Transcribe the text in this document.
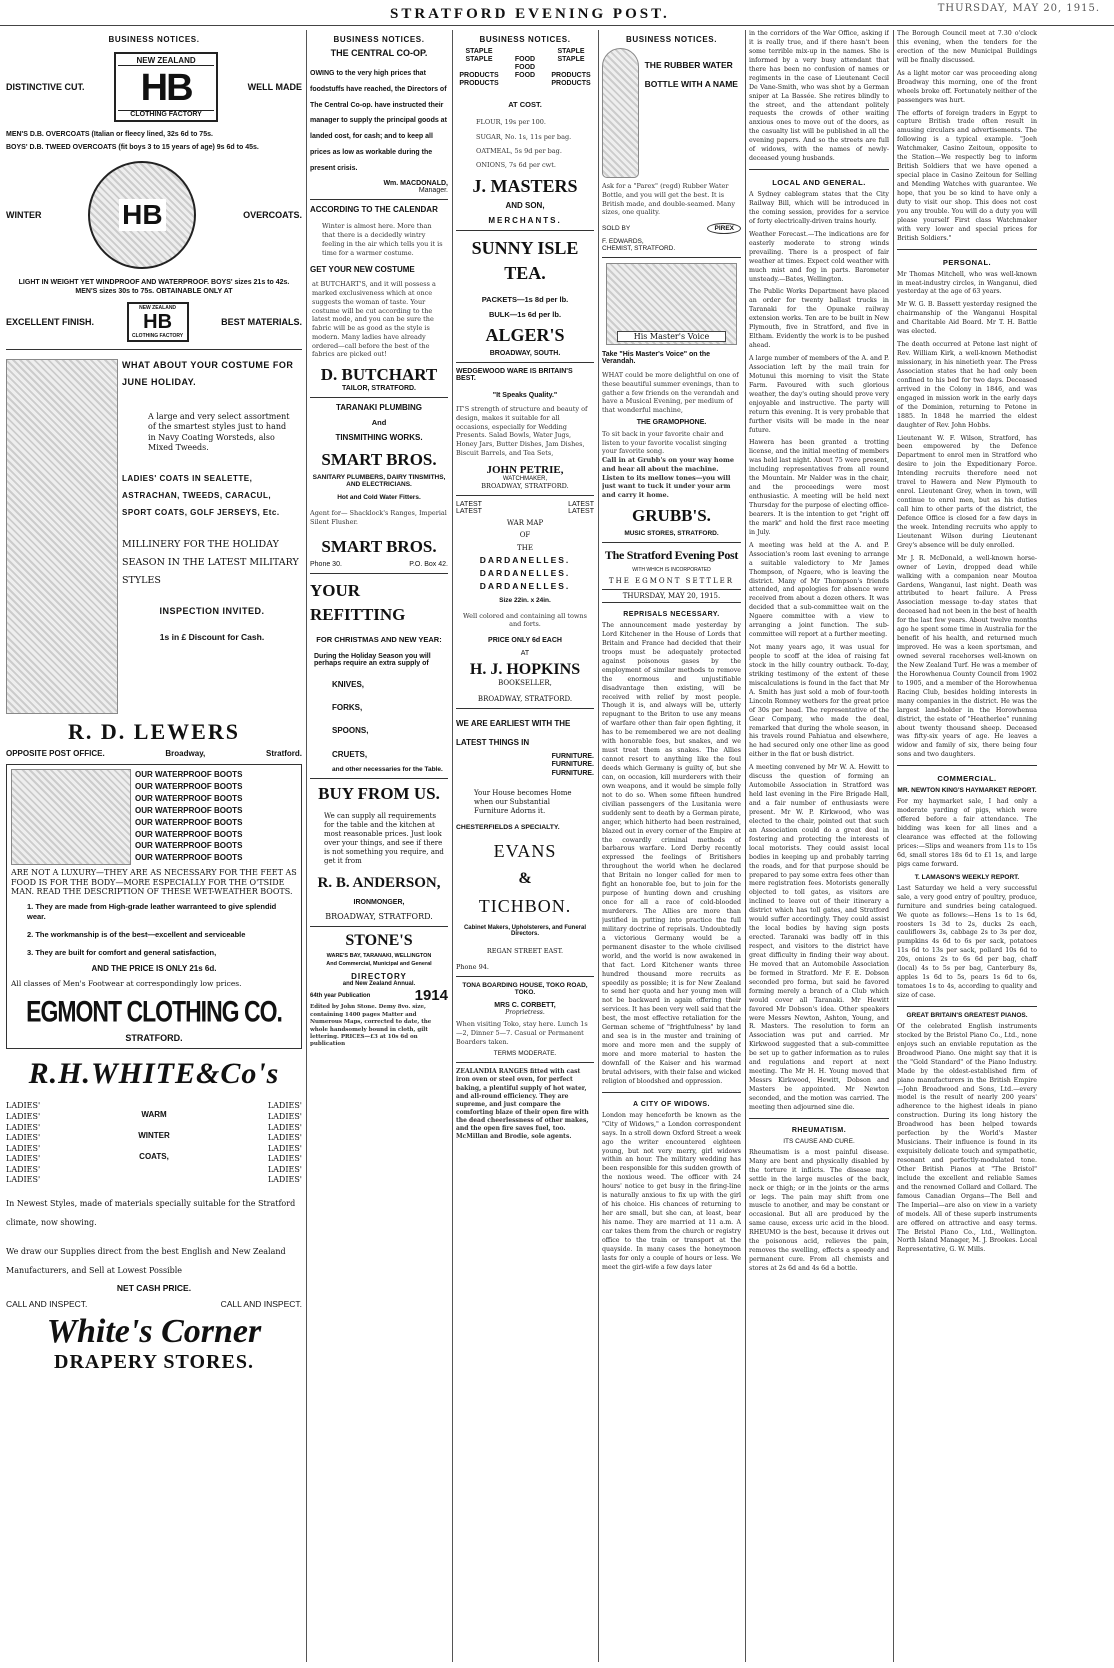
STRATFORD EVENING POST.	THURSDAY, MAY 20, 1915.
BUSINESS NOTICES.
DISTINCTIVE CUT.
NEW ZEALAND
HB
CLOTHING FACTORY
WELL MADE
MEN'S D.B. OVERCOATS (Italian or fleecy lined, 32s 6d to 75s.
BOYS' D.B. TWEED OVERCOATS (fit boys 3 to 15 years of age) 9s 6d to 45s.
WINTER	HB	OVERCOATS.
LIGHT IN WEIGHT YET WINDPROOF AND WATERPROOF. BOYS' sizes 21s to 42s. MEN'S sizes 30s to 75s. OBTAINABLE ONLY AT
EXCELLENT FINISH.
NEW ZEALAND
HB
CLOTHING FACTORY
BEST MATERIALS.
WHAT ABOUT YOUR COSTUME FOR JUNE HOLIDAY.
A large and very select assortment of the smartest styles just to hand in Navy Coating Worsteds, also Mixed Tweeds.
LADIES' COATS IN SEALETTE, ASTRACHAN, TWEEDS, CARACUL, SPORT COATS, GOLF JERSEYS, Etc.
MILLINERY FOR THE HOLIDAY SEASON IN THE LATEST MILITARY STYLES
INSPECTION INVITED.
1s in £ Discount for Cash.
R. D. LEWERS
OPPOSITE POST OFFICE.	Broadway,	Stratford.
OUR WATERPROOF BOOTS
OUR WATERPROOF BOOTS
OUR WATERPROOF BOOTS
OUR WATERPROOF BOOTS
OUR WATERPROOF BOOTS
OUR WATERPROOF BOOTS
OUR WATERPROOF BOOTS
OUR WATERPROOF BOOTS
ARE NOT A LUXURY—THEY ARE AS NECESSARY FOR THE FEET AS FOOD IS FOR THE BODY—MORE ESPECIALLY FOR THE O'TSIDE MAN. READ THE DESCRIPTION OF THESE WET-WEATHER BOOTS.
1. They are made from High-grade leather warranteed to give splendid wear.
2. The workmanship is of the best—excellent and serviceable
3. They are built for comfort and general satisfaction,
AND THE PRICE IS ONLY 21s 6d.
All classes of Men's Footwear at correspondingly low prices.
EGMONT CLOTHING CO.
STRATFORD.
R.H.WHITE&Co's
LADIES'
LADIES'
LADIES'
LADIES'
LADIES'
LADIES'
LADIES'
LADIES'
WARM
WINTER
COATS,
LADIES'
LADIES'
LADIES'
LADIES'
LADIES'
LADIES'
LADIES'
LADIES'
In Newest Styles, made of materials specially suitable for the Stratford climate, now showing.
We draw our Supplies direct from the best English and New Zealand Manufacturers, and Sell at Lowest Possible
NET CASH PRICE.
CALL AND INSPECT.	CALL AND INSPECT.
White's Corner
DRAPERY STORES.
BUSINESS NOTICES.
THE CENTRAL CO-OP.
OWING to the very high prices that foodstuffs have reached, the Directors of The Central Co-op. have instructed their manager to supply the principal goods at landed cost, for cash; and to keep all prices as low as workable during the present crisis.
Wm. MACDONALD,
Manager.
ACCORDING TO THE CALENDAR
Winter is almost here. More than that there is a decidedly wintry feeling in the air which tells you it is time for a warmer costume.
GET YOUR NEW COSTUME
at BUTCHART'S, and it will possess a marked exclusiveness which at once suggests the woman of taste. Your costume will be cut according to the latest mode, and you can be sure the fabric will be as good as the style is modern. Many ladies have already ordered—call before the best of the fabrics are picked out!
D. BUTCHART
TAILOR, STRATFORD.
TARANAKI PLUMBING
And
TINSMITHING WORKS.
SMART BROS.
SANITARY PLUMBERS, DAIRY TINSMITHS, AND ELECTRICIANS.
Hot and Cold Water Fitters.
Agent for— Shacklock's Ranges, Imperial Silent Flusher.
SMART BROS.
Phone 30.	P.O. Box 42.
YOUR REFITTING
FOR CHRISTMAS AND NEW YEAR:
During the Holiday Season you will perhaps require an extra supply of
KNIVES,
FORKS,
SPOONS,
CRUETS,
and other necessaries for the Table.
BUY FROM US.
We can supply all requirements for the table and the kitchen at most reasonable prices. Just look over your things, and see if there is not something you require, and get it from
R. B. ANDERSON,
IRONMONGER,
BROADWAY, STRATFORD.
STONE'S
WARE'S BAY, TARANAKI, WELLINGTON And Commercial, Municipal and General
DIRECTORY
and New Zealand Annual.
64th year Publication	1914
Edited by John Stone. Demy 8vo. size, containing 1400 pages Matter and Numerous Maps, corrected to date, the whole handsomely bound in cloth, gilt lettering. PRICES—£3 at 10s 6d on publication
BUSINESS NOTICES.
STAPLE	STAPLE
STAPLE	FOOD	STAPLE
FOOD
PRODUCTS	FOOD	PRODUCTS
PRODUCTS	PRODUCTS
AT COST.
FLOUR, 19s per 100.
SUGAR, No. 1s, 11s per bag.
OATMEAL, 5s 9d per bag.
ONIONS, 7s 6d per cwt.
J. MASTERS
AND SON,
MERCHANTS.
SUNNY ISLE TEA.
PACKETS—1s 8d per lb.
BULK—1s 6d per lb.
ALGER'S
BROADWAY, SOUTH.
WEDGEWOOD WARE IS BRITAIN'S BEST.
"It Speaks Quality."
IT'S strength of structure and beauty of design, makes it suitable for all occasions, especially for Wedding Presents. Salad Bowls, Water Jugs, Honey Jars, Butter Dishes, Jam Dishes, Biscuit Barrels, and Tea Sets,
JOHN PETRIE,
WATCHMAKER,
BROADWAY, STRATFORD.
LATEST	LATEST
LATEST	LATEST
WAR MAP
OF
THE
DARDANELLES.
DARDANELLES.
DARDANELLES.
Size 22in. x 24in.
Well colored and containing all towns and forts.
PRICE ONLY 6d EACH
AT
H. J. HOPKINS
BOOKSELLER,
BROADWAY, STRATFORD.
WE ARE EARLIEST WITH THE LATEST THINGS IN
FURNITURE.
FURNITURE.
FURNITURE.
Your House becomes Home when our Substantial Furniture Adorns it.
CHESTERFIELDS A SPECIALTY.
EVANS
&
TICHBON.
Cabinet Makers, Upholsterers, and Funeral Directors.
REGAN STREET EAST.
Phone 94.
TONA BOARDING HOUSE, TOKO ROAD, TOKO.
MRS C. CORBETT,
Proprietress.
When visiting Toko, stay here. Lunch 1s—2, Dinner 5—7. Casual or Permanent Boarders taken.
TERMS MODERATE.
ZEALANDIA RANGES fitted with cast iron oven or steel oven, for perfect baking, a plentiful supply of hot water, and all-round efficiency. They are supreme, and just compare the comforting blaze of their open fire with the dead cheerlessness of other makes, and the open fire saves fuel, too. McMillan and Brodie, sole agents.
BUSINESS NOTICES.
THE RUBBER WATER BOTTLE WITH A NAME
Ask for a "Parex" (regd) Rubber Water Bottle, and you will get the best. It is British made, and double-seamed. Many sizes, one quality.
SOLD BY	PIREX
F. EDWARDS,
CHEMIST, STRATFORD.
His Master's Voice
Take "His Master's Voice" on the Verandah.
WHAT could be more delightful on one of these beautiful summer evenings, than to gather a few friends on the verandah and have a Musical Evening, per medium of that wonderful machine,
THE GRAMOPHONE.
To sit back in your favorite chair and listen to your favorite vocalist singing your favorite song.
Call in at Grubb's on your way home and hear all about the machine. Listen to its mellow tones—you will just want to tuck it under your arm and carry it home.
GRUBB'S.
MUSIC STORES, STRATFORD.
The Stratford Evening Post
WITH WHICH IS INCORPORATED
THE EGMONT SETTLER
THURSDAY, MAY 20, 1915.
REPRISALS NECESSARY.
The announcement made yesterday by Lord Kitchener in the House of Lords that Britain and France had decided that their troops must be adequately protected against poisonous gases by the employment of similar methods to remove the enormous and unjustifiable disadvantage then existing, will be received with relief by most people. Though it is, and always will be, utterly repugnant to the Briton to use any means of warfare other than fair open fighting, it has to be remembered we are not dealing with honorable foes, but snakes, and we must treat them as snakes. The Allies cannot resort to anything like the foul deeds which Germany is guilty of, but she can, on occasion, kill murderers with their own weapons, and it would be simple folly not to do so. When some fifteen hundred civilian passengers of the Lusitania were suddenly sent to death by a German pirate, anger, which hitherto had been restrained, blazed out in every corner of the Empire at the cowardly criminal methods of barbarous warfare. Lord Derby recently expressed the feelings of Britishers throughout the world when he declared that Britain no longer called for men to fight an honorable foe, but to join for the purpose of hunting down and crushing once for all a race of cold-blooded murderers. The Allies are more than justified in putting into practice the full military doctrine of reprisals. Undoubtedly a victorious Germany would be a permanent disaster to the whole civilised world, and the world is now awakened in that fact. Lord Kitchener wants three hundred thousand more recruits as speedily as possible; it is for New Zealand to send her quota and her young men will not be backward in again offering their services. It has been very well said that the best, the most effective retaliation for the German scheme of "frightfulness" by land and sea is in the muster and training of more and more men and the supply of more and more material to hasten the downfall of the Kaiser and his warmad brutal advisers, with their false and wicked religion of bloodshed and oppression.
A CITY OF WIDOWS.
London may henceforth be known as the "City of Widows," a London correspondent says. In a stroll down Oxford Street a week ago the writer encountered eighteen young, but not very merry, girl widows within an hour. The military wedding has been responsible for this sudden growth of the noxious weed. The officer with 24 hours' notice to get busy in the firing-line is naturally anxious to fix up with the girl of his choice. His chances of returning to her are small, but she can, at least, bear his name. They are married at 11 a.m. A car takes them from the church or registry office to the train or transport at the quayside. In many cases the honeymoon lasts for only a couple of hours or less. We meet the girl-wife a few days later
in the corridors of the War Office, asking if it is really true, and if there hasn't been some terrible mix-up in the names. She is informed by a very busy attendant that there has been no confusion of names or regiments in the case of Lieutenant Cecil De Vane-Smith, who was shot by a German sniper at La Bassée. She retires blindly to the street, and the attendant politely requests the crowds of other waiting anxious ones to move out of the doors, as the casualty list will be published in all the evening papers. And so the streets are full of widows, with the names of newly-deceased young husbands.
LOCAL AND GENERAL.

A Sydney cablegram states that the City Railway Bill, which will be introduced in the coming session, provides for a service of forty electrically-driven trains hourly.

Weather Forecast.—The indications are for easterly moderate to strong winds prevailing. There is a prospect of fair weather at times. Expect cold weather with much mist and fog in parts. Barometer unsteady.—Bates, Wellington.

The Public Works Department have placed an order for twenty ballast trucks in Taranaki for the Opunake railway extension works. Ten are to be built in New Plymouth, five in Stratford, and five in Eltham. Evidently the work is to be pushed ahead.

A large number of members of the A. and P. Association left by the mail train for Motunui this morning to visit the State Farm. Favoured with such glorious weather, the day's outing should prove very enjoyable and instructive. The party will return this evening. It is very probable that further visits will be made in the near future.

Hawera has been granted a trotting license, and the initial meeting of members was held last night. About 75 were present, including representatives from all round the Mountain. Mr Nalder was in the chair, and the proceedings were most enthusiastic. A meeting will be held next Thursday for the purpose of electing office-bearers. It is the intention to get "right off the mark" and hold the first race meeting in July.

A meeting was held at the A. and P. Association's room last evening to arrange a suitable valedictory to Mr James Thompson, of Ngaere, who is leaving the district. Many of Mr Thompson's friends attended, and apologies for absence were received from about a dozen others. It was decided that a sub-committee wait on the Ngaere committee with a view to arranging a joint function. The sub-committee will report at a further meeting.

Not many years ago, it was usual for people to scoff at the idea of raising fat stock in the hilly country outback. To-day, striking testimony of the extent of these miscalculations is found in the fact that Mr A. Smith has just sold a mob of four-tooth Lincoln Romney wethers for the great price of 30s per head. The representative of the Gear Company, who made the deal, remarked that during the whole season, in his travels round Pahiatua and elsewhere, he had secured only one other line as good either in the flat or bush district.

A meeting convened by Mr W. A. Hewitt to discuss the question of forming an Automobile Association in Stratford was held last evening in the Fire Brigade Hall, and a fair number of enthusiasts were present. Mr W. P. Kirkwood, who was elected to the chair, pointed out that such an Association could do a great deal in fostering and protecting the interests of local motorists. They could assist local bodies in keeping up and probably tarring the roads, and for that purpose should be prepared to pay some extra fees other than mere registration fees. Motorists generally objected to toll gates, as visitors are inclined to leave out of their itinerary a district which has toll gates, and Stratford would suffer accordingly. They could assist the local bodies by having sign posts erected. Taranaki was badly off in this respect, and visitors to the district have great difficulty in finding their way about. He moved that an Automobile Association be formed in Stratford. Mr F. E. Dobson seconded pro forma, but said he favored forming merely a branch of a Club which would cover all Taranaki. Mr Hewitt favored Mr Dobson's idea. Other speakers were Messrs Newton, Ashton, Young, and R. Masters. The resolution to form an Association was put and carried. Mr Kirkwood suggested that a sub-committee be set up to gather information as to rules and regulations and report at next meeting. The Mr H. H. Young moved that Messrs Kirkwood, Hewitt, Dobson and Masters be appointed. Mr Newton seconded, and the motion was carried. The meeting then adjourned sine die.

RHEUMATISM.
ITS CAUSE AND CURE.
Rheumatism is a most painful disease. Many are bent and physically disabled by the torture it inflicts. The disease may settle in the large muscles of the back, neck or thigh; or in the joints or the arms or legs. The pain may shift from one muscle to another, and may be constant or occasional. But all are produced by the same cause, excess uric acid in the blood. RHEUMO is the best, because it drives out the poisonous acid, relieves the pain, removes the swelling, effects a speedy and permanent cure. From all chemists and stores at 2s 6d and 4s 6d a bottle.

The Borough Council meet at 7.30 o'clock this evening, when the tenders for the erection of the new Municipal Buildings will be finally discussed.

As a light motor car was proceeding along Broadway this morning, one of the front wheels broke off. Fortunately neither of the passengers was hurt.

The efforts of foreign traders in Egypt to capture British trade often result in amusing circulars and advertisements. The following is a typical example. "Joeh Watchmaker, Casino Zeitoun, opposite to the Station—We respectly beg to inform British Soldiers that we have opened a special place in Casino Zeitoun for Selling and Mending Watches with guarantee. We hope, that you be so kind to have only a duty to visit our shop. This does not cost you any trouble. You will do a duty you will please yourself First class Watchmaker with very lower and special prices for British Soldiers."

PERSONAL.

Mr Thomas Mitchell, who was well-known in meat-industry circles, in Wanganui, died yesterday at the age of 63 years.

Mr W. G. B. Bassett yesterday resigned the chairmanship of the Wanganui Hospital and Charitable Aid Board. Mr T. H. Battle was elected.

The death occurred at Petone last night of Rev. William Kirk, a well-known Methodist missionary, in his ninetieth year. The Press Association states that he had only been confined to his bed for two days. Deceased arrived in the Colony in 1846, and was engaged in mission work in the early days of the Dominion, returning to Petone in 1885. In 1848 he married the eldest daughter of Rev. John Hobbs.

Lieutenant W. F. Wilson, Stratford, has been empowered by the Defence Department to enrol men in Stratford who desire to join the Expeditionary Force. Intending recruits therefore need not travel to Hawera and New Plymouth to enrol. Lieutenant Grey, when in town, will continue to enrol men, but as his duties call him to other parts of the district, the Defence Office is closed for a few days in the week. Intending recruits who apply to Lieutenant Wilson during Lieutenant Grey's absence will be duly enrolled.

Mr J. R. McDonald, a well-known horse-owner of Levin, dropped dead while walking with a companion near Moutoa Gardens, Wanganui, last night. Death was attributed to heart failure. A Press Association message to-day states that deceased had not been in the best of health for the last few years. About twelve months ago he spent some time in Australia for the benefit of his health, and returned much improved. He was a keen sportsman, and owned several racehorses well-known on the New Zealand Turf. He was a member of the Horowhenua County Council from 1902 to 1905, and a member of the Horowhenua Racing Club, besides holding interests in many companies in the district. He was the largest land-holder in the Horowhenua district, the estate of "Heatherlee" running about twenty thousand sheep. Deceased was fifty-six years of age. He leaves a widow and family of six, there being four sons and two daughters.

COMMERCIAL.
MR. NEWTON KING'S HAYMARKET REPORT.

For my haymarket sale, I had only a moderate yarding of pigs, which were offered before a fair attendance. The bidding was keen for all lines and a clearance was effected at the following prices:—Slips and weaners from 11s to 15s 6d, small stores 18s 6d to £1 1s, and large pigs came forward.

T. LAMASON'S WEEKLY REPORT.

Last Saturday we held a very successful sale, a very good entry of poultry, produce, furniture and sundries being catalogued. We quote as follows:—Hens 1s to 1s 6d, roosters 1s 3d to 2s, ducks 2s each, cauliflowers 3s, cabbage 2s to 3s per doz, pumpkins 4s 6d to 6s per sack, potatoes 11s 6d to 13s per sack, pollard 10s 6d to 20s, onions 2s to 6s 6d per bag, chaff (local) 4s to 5s per bag, Canterbury 8s, apples 1s 6d to 5s, pears 1s 6d to 6s, tomatoes 1s to 4s, according to quality and size of case.

GREAT BRITAIN'S GREATEST PIANOS.

Of the celebrated English instruments stocked by the Bristol Piano Co., Ltd., none enjoys such an enviable reputation as the Broadwood Piano. One might say that it is the "Gold Standard" of the Piano Industry. Made by the oldest-established firm of piano manufacturers in the British Empire—John Broadwood and Sons, Ltd.—every model is the result of nearly 200 years' adherence to the highest ideals in piano construction. During its long history the Broadwood has been helped towards perfection by the World's Master Musicians. Their influence is found in its exquisitely delicate touch and sympathetic, resonant and perfectly-modulated tone. Other British Pianos at "The Bristol" include the excellent and reliable Sames and the renowned Collard and Collard. The famous Canadian Organs—The Bell and The Imperial—are also on view in a variety of models. All of these superb instruments are offered on attractive and easy terms. The Bristol Piano Co., Ltd., Wellington. North Island Manager, M. J. Brookes. Local Representative, G. W. Mills.
